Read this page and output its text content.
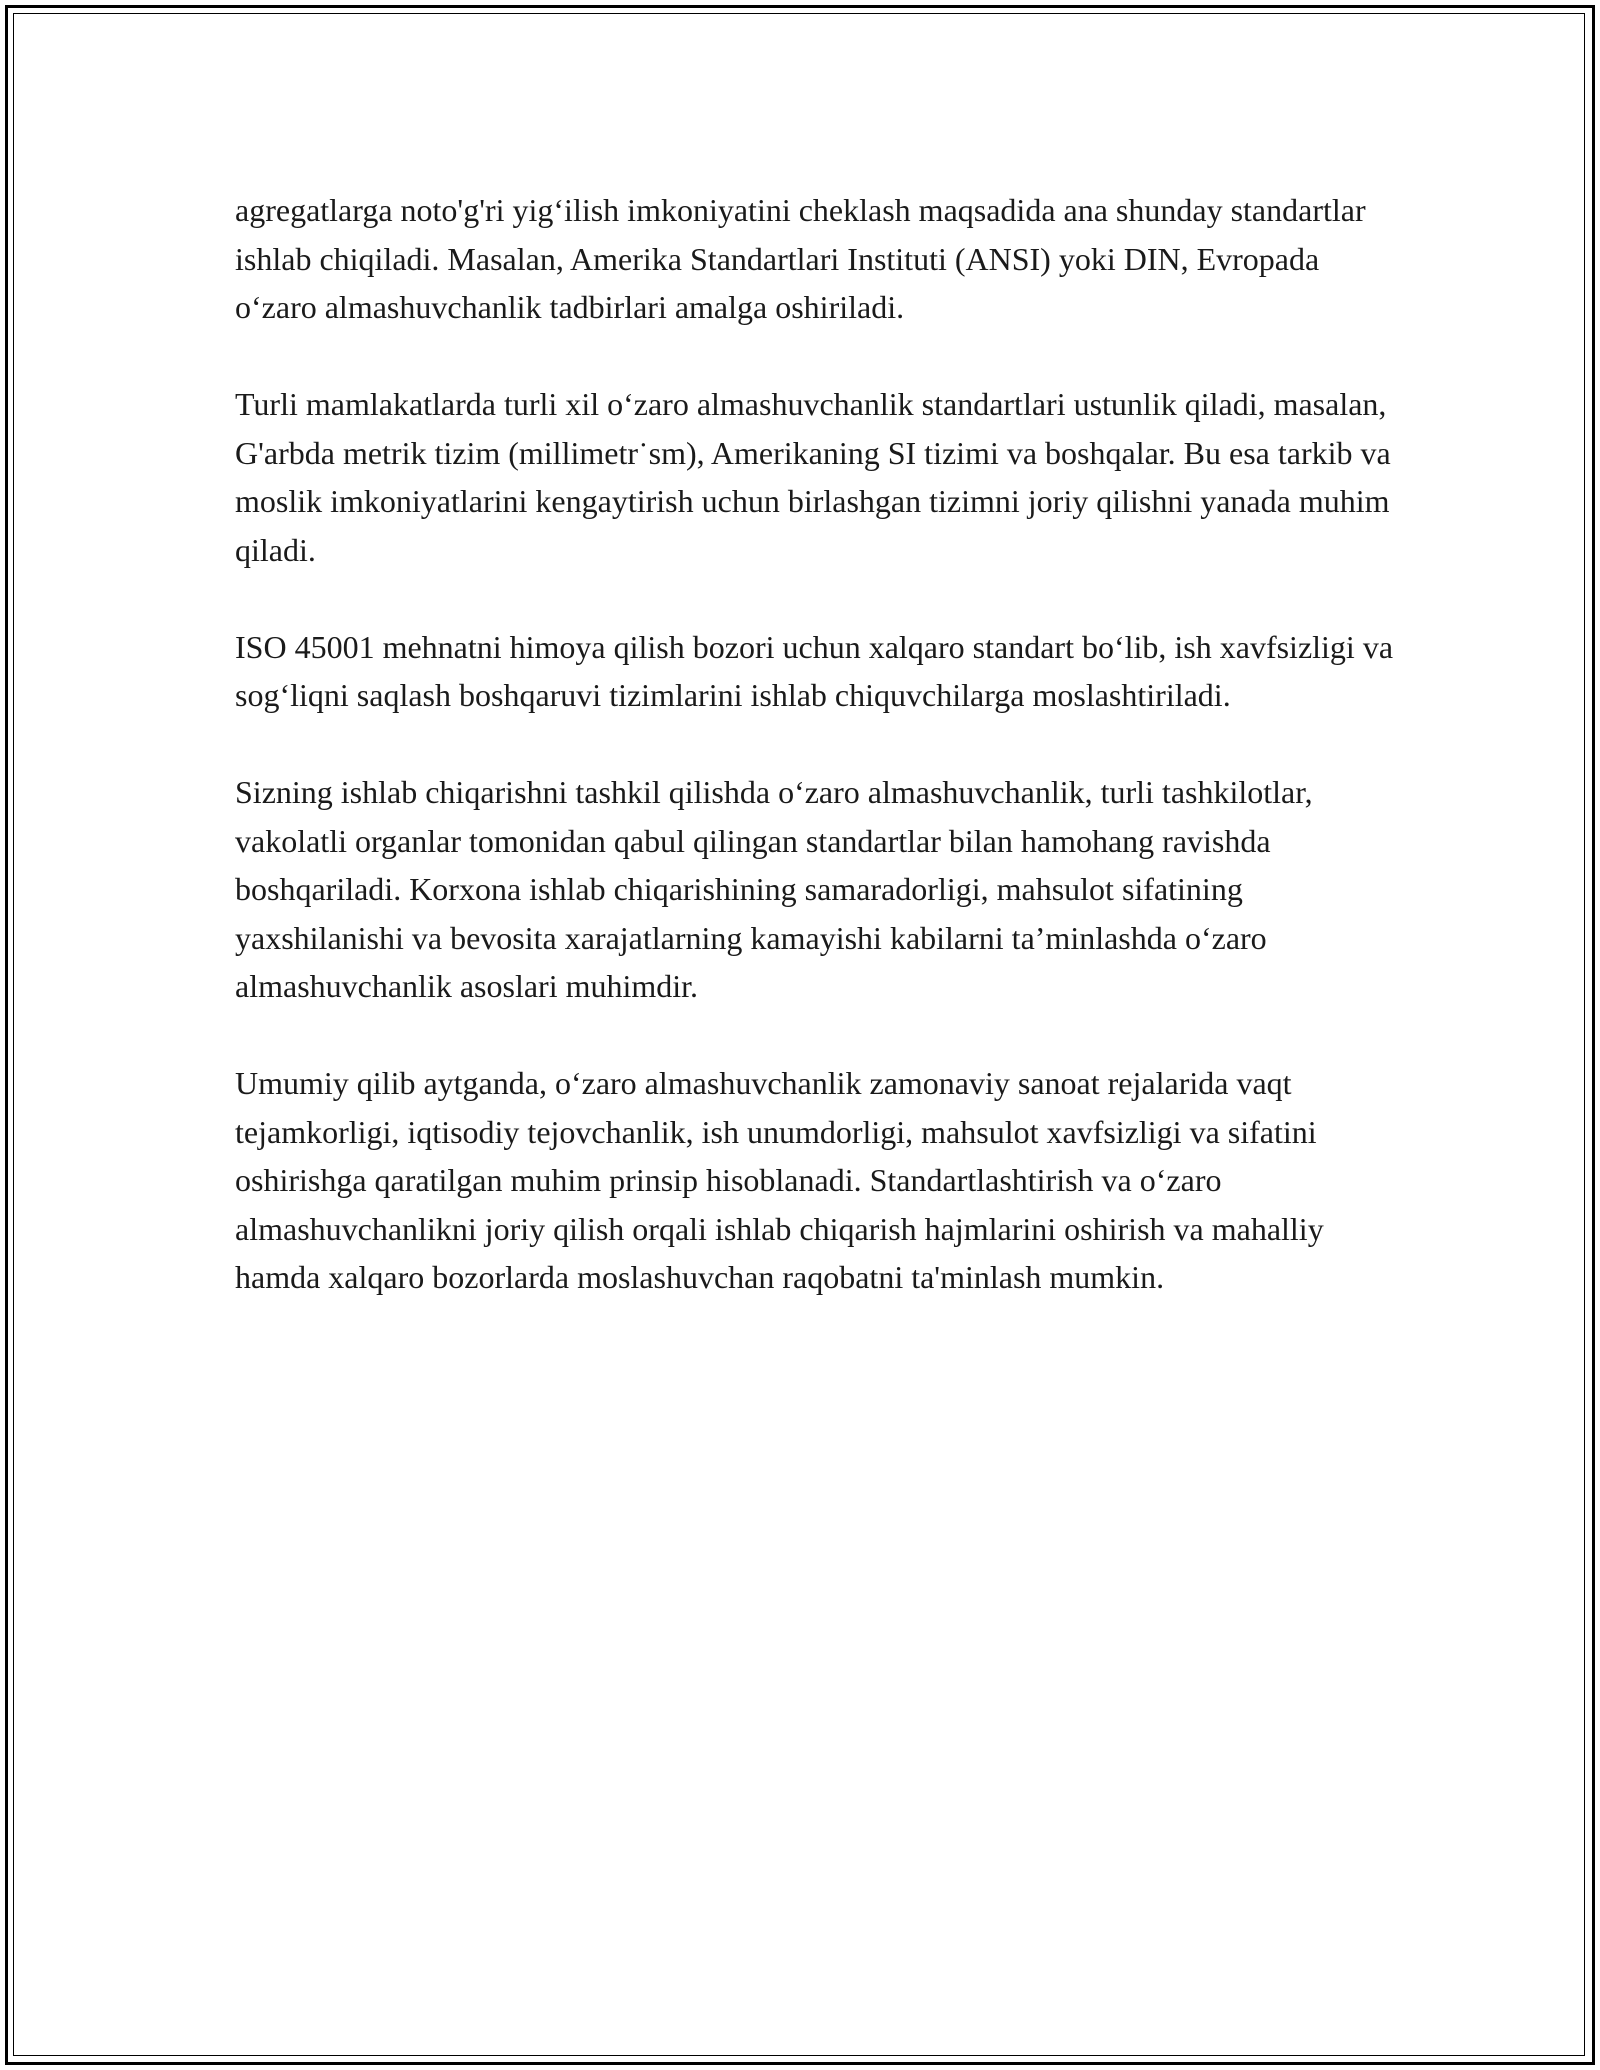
agregatlarga noto'g'ri yig‘ilish imkoniyatini cheklash maqsadida ana shunday standartlar ishlab chiqiladi. Masalan, Amerika Standartlari Instituti (ANSI) yoki DIN, Evropada o‘zaro almashuvchanlik tadbirlari amalga oshiriladi.

Turli mamlakatlarda turli xil o‘zaro almashuvchanlik standartlari ustunlik qiladi, masalan, G'arbda metrik tizim (millimetr˙sm), Amerikaning SI tizimi va boshqalar. Bu esa tarkib va moslik imkoniyatlarini kengaytirish uchun birlashgan tizimni joriy qilishni yanada muhim qiladi.

ISO 45001 mehnatni himoya qilish bozori uchun xalqaro standart bo‘lib, ish xavfsizligi va sog‘liqni saqlash boshqaruvi tizimlarini ishlab chiquvchilarga moslashtiriladi.

Sizning ishlab chiqarishni tashkil qilishda o‘zaro almashuvchanlik, turli tashkilotlar, vakolatli organlar tomonidan qabul qilingan standartlar bilan hamohang ravishda boshqariladi. Korxona ishlab chiqarishining samaradorligi, mahsulot sifatining yaxshilanishi va bevosita xarajatlarning kamayishi kabilarni ta’minlashda o‘zaro almashuvchanlik asoslari muhimdir.

Umumiy qilib aytganda, o‘zaro almashuvchanlik zamonaviy sanoat rejalarida vaqt tejamkorligi, iqtisodiy tejovchanlik, ish unumdorligi, mahsulot xavfsizligi va sifatini oshirishga qaratilgan muhim prinsip hisoblanadi. Standartlashtirish va o‘zaro almashuvchanlikni joriy qilish orqali ishlab chiqarish hajmlarini oshirish va mahalliy hamda xalqaro bozorlarda moslashuvchan raqobatni ta'minlash mumkin.
